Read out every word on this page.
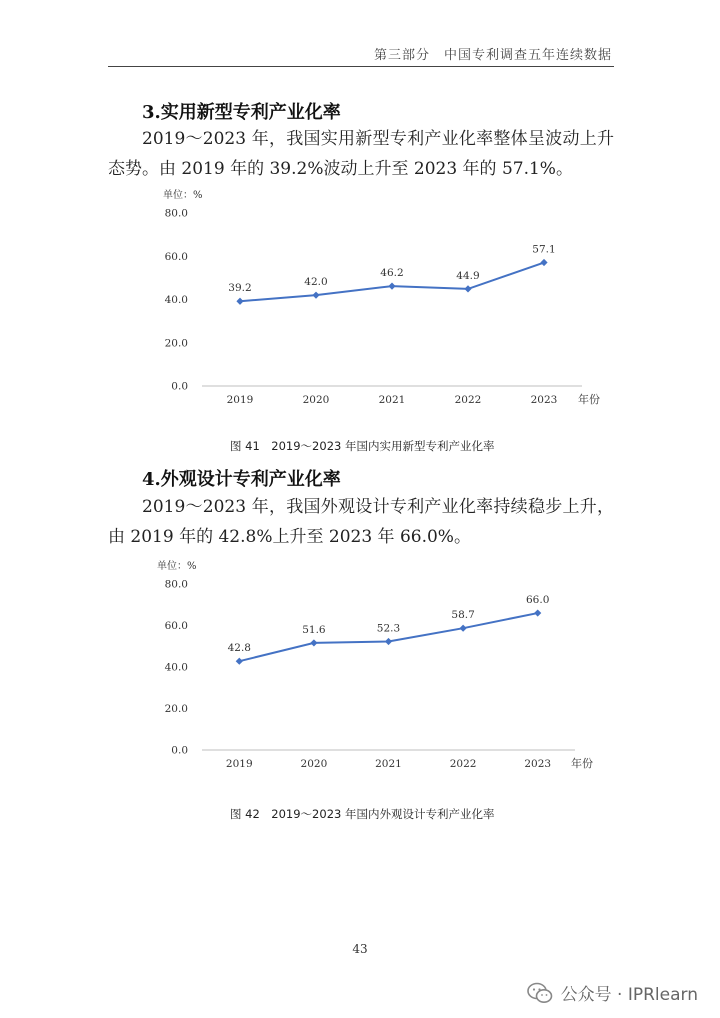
第三部分　中国专利调查五年连续数据
3.实用新型专利产业化率
2019～2023 年，我国实用新型专利产业化率整体呈波动上升态势。由 2019 年的 39.2%波动上升至 2023 年的 57.1%。
单位：%
0.0
20.0
40.0
60.0
80.0
2019	2020	2021	2022	2023 年份
39.2
42.0
46.2	44.9
57.1
图 41　2019～2023 年国内实用新型专利产业化率
4.外观设计专利产业化率
2019～2023 年，我国外观设计专利产业化率持续稳步上升，由 2019 年的 42.8%上升至 2023 年 66.0%。
单位：%
0.0
20.0
40.0
60.0
80.0
2019	2020	2021	2022	2023 年份
42.8
51.6	52.3
58.7
66.0
图 42　2019～2023 年国内外观设计专利产业化率
43
公众号 · IPRlearn
